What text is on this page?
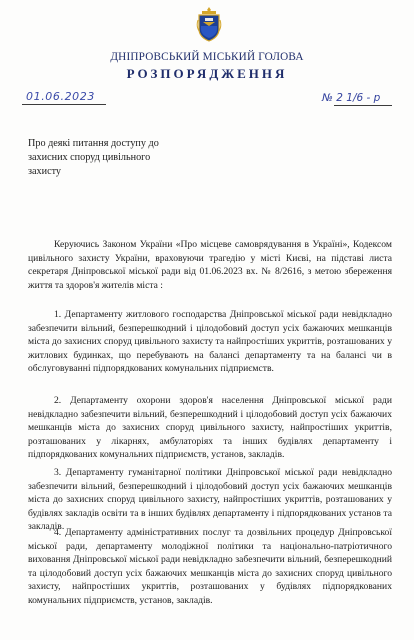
ДНІПРОВСЬКИЙ МІСЬКИЙ ГОЛОВА
РОЗПОРЯДЖЕННЯ
01.06.2023	№ 2 1/6 - р
Про деякі питання доступу до
захисних споруд цивільного
захисту

Керуючись Законом України «Про місцеве самоврядування в Україні», Кодексом цивільного захисту України, враховуючи трагедію у місті Києві, на підставі листа секретаря Дніпровської міської ради від 01.06.2023 вх. № 8/2616, з метою збереження життя та здоров'я жителів міста :

1. Департаменту житлового господарства Дніпровської міської ради невідкладно забезпечити вільний, безперешкодний і цілодобовий доступ усіх бажаючих мешканців міста до захисних споруд цивільного захисту та найпростіших укриттів, розташованих у житлових будинках, що перебувають на балансі департаменту та на балансі чи в обслуговуванні підпорядкованих комунальних підприємств.

2. Департаменту охорони здоров'я населення Дніпровської міської ради невідкладно забезпечити вільний, безперешкодний і цілодобовий доступ усіх бажаючих мешканців міста до захисних споруд цивільного захисту, найпростіших укриттів, розташованих у лікарнях, амбулаторіях та інших будівлях департаменту і підпорядкованих комунальних підприємств, установ, закладів.

3. Департаменту гуманітарної політики Дніпровської міської ради невідкладно забезпечити вільний, безперешкодний і цілодобовий доступ усіх бажаючих мешканців міста до захисних споруд цивільного захисту, найпростіших укриттів, розташованих у будівлях закладів освіти та в інших будівлях департаменту і підпорядкованих установ та закладів.

4. Департаменту адміністративних послуг та дозвільних процедур Дніпровської міської ради, департаменту молодіжної політики та національно-патріотичного виховання Дніпровської міської ради невідкладно забезпечити вільний, безперешкодний та цілодобовий доступ усіх бажаючих мешканців міста до захисних споруд цивільного захисту, найпростіших укриттів, розташованих у будівлях підпорядкованих комунальних підприємств, установ, закладів.
